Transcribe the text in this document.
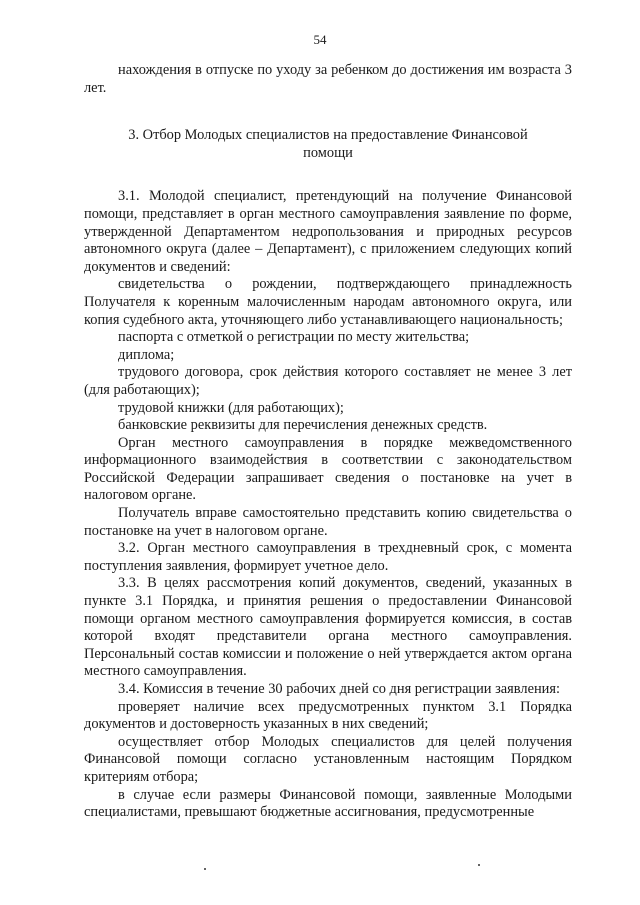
54

нахождения в отпуске по уходу за ребенком до достижения им возраста 3 лет.

3. Отбор Молодых специалистов на предоставление Финансовой помощи

3.1. Молодой специалист, претендующий на получение Финансовой помощи, представляет в орган местного самоуправления заявление по форме, утвержденной Департаментом недропользования и природных ресурсов автономного округа (далее – Департамент), с приложением следующих копий документов и сведений:

свидетельства о рождении, подтверждающего принадлежность Получателя к коренным малочисленным народам автономного округа, или копия судебного акта, уточняющего либо устанавливающего национальность;

паспорта с отметкой о регистрации по месту жительства;

диплома;

трудового договора, срок действия которого составляет не менее 3 лет (для работающих);

трудовой книжки (для работающих);

банковские реквизиты для перечисления денежных средств.

Орган местного самоуправления в порядке межведомственного информационного взаимодействия в соответствии с законодательством Российской Федерации запрашивает сведения о постановке на учет в налоговом органе.

Получатель вправе самостоятельно представить копию свидетельства о постановке на учет в налоговом органе.

3.2. Орган местного самоуправления в трехдневный срок, с момента поступления заявления, формирует учетное дело.

3.3. В целях рассмотрения копий документов, сведений, указанных в пункте 3.1 Порядка, и принятия решения о предоставлении Финансовой помощи органом местного самоуправления формируется комиссия, в состав которой входят представители органа местного самоуправления. Персональный состав комиссии и положение о ней утверждается актом органа местного самоуправления.

3.4. Комиссия в течение 30 рабочих дней со дня регистрации заявления:

проверяет наличие всех предусмотренных пунктом 3.1 Порядка документов и достоверность указанных в них сведений;

осуществляет отбор Молодых специалистов для целей получения Финансовой помощи согласно установленным настоящим Порядком критериям отбора;

в случае если размеры Финансовой помощи, заявленные Молодыми специалистами, превышают бюджетные ассигнования, предусмотренные
